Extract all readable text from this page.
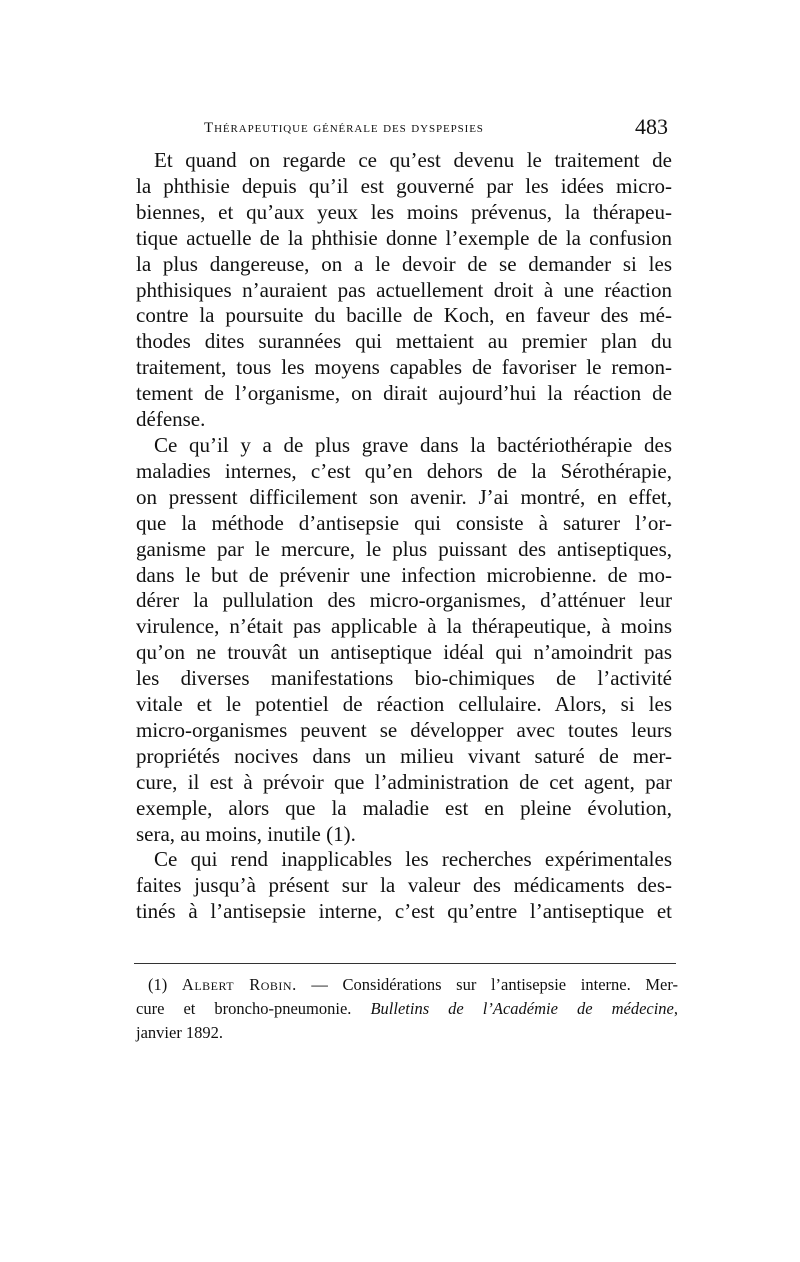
Thérapeutique générale des dyspepsies	483
Et quand on regarde ce qu’est devenu le traitement de
la phthisie depuis qu’il est gouverné par les idées micro-
biennes, et qu’aux yeux les moins prévenus, la thérapeu-
tique actuelle de la phthisie donne l’exemple de la confusion
la plus dangereuse, on a le devoir de se demander si les
phthisiques n’auraient pas actuellement droit à une réaction
contre la poursuite du bacille de Koch, en faveur des mé-
thodes dites surannées qui mettaient au premier plan du
traitement, tous les moyens capables de favoriser le remon-
tement de l’organisme, on dirait aujourd’hui la réaction de
défense.
Ce qu’il y a de plus grave dans la bactériothérapie des
maladies internes, c’est qu’en dehors de la Sérothérapie,
on pressent difficilement son avenir. J’ai montré, en effet,
que la méthode d’antisepsie qui consiste à saturer l’or-
ganisme par le mercure, le plus puissant des antiseptiques,
dans le but de prévenir une infection microbienne. de mo-
dérer la pullulation des micro-organismes, d’atténuer leur
virulence, n’était pas applicable à la thérapeutique, à moins
qu’on ne trouvât un antiseptique idéal qui n’amoindrit pas
les diverses manifestations bio-chimiques de l’activité
vitale et le potentiel de réaction cellulaire. Alors, si les
micro-organismes peuvent se développer avec toutes leurs
propriétés nocives dans un milieu vivant saturé de mer-
cure, il est à prévoir que l’administration de cet agent, par
exemple, alors que la maladie est en pleine évolution,
sera, au moins, inutile (1).
Ce qui rend inapplicables les recherches expérimentales
faites jusqu’à présent sur la valeur des médicaments des-
tinés à l’antisepsie interne, c’est qu’entre l’antiseptique et
(1) Albert Robin. — Considérations sur l’antisepsie interne. Mer-
cure et broncho-pneumonie. Bulletins de l’Académie de médecine,
janvier 1892.
